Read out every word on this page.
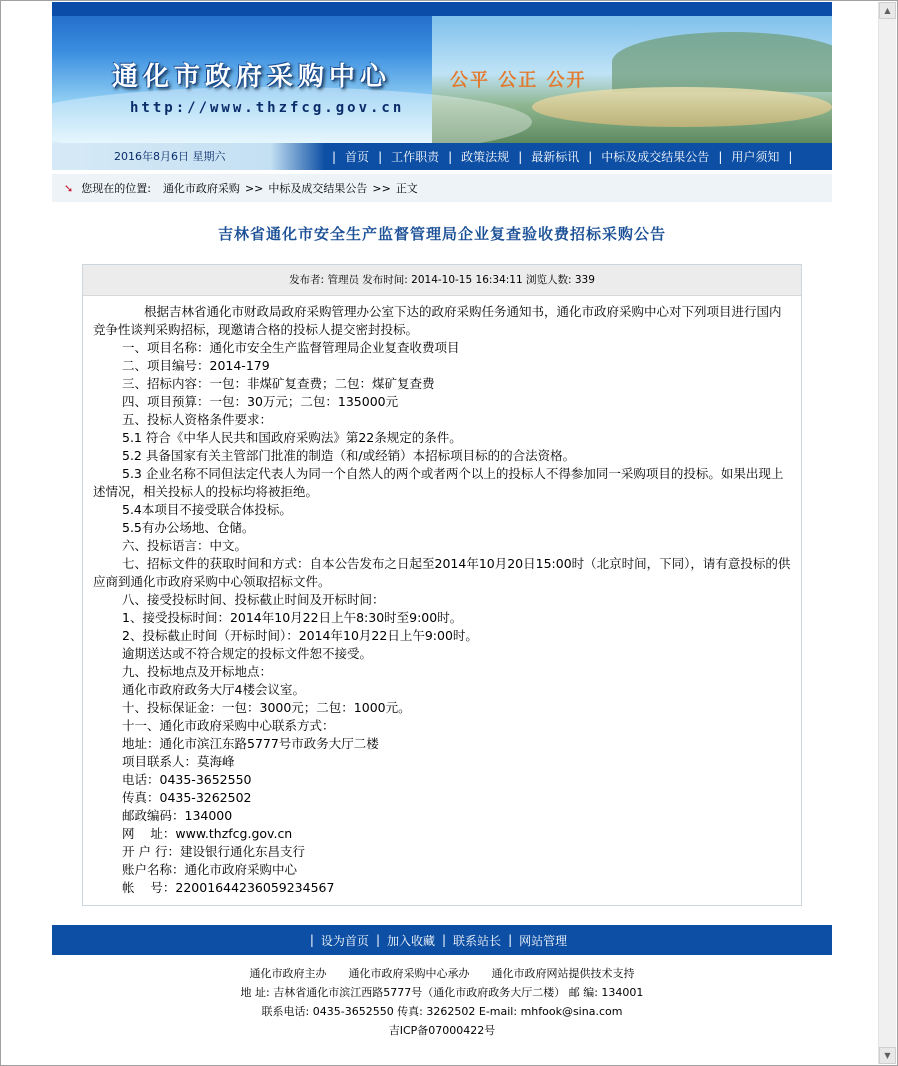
▲
▼
通化市政府采购中心
http://www.thzfcg.gov.cn
公平 公正 公开
2016年8月6日 星期六	| 首页 | 工作职责 | 政策法规 | 最新标讯 | 中标及成交结果公告 | 用户须知 |
➘ 您现在的位置: 通化市政府采购 >> 中标及成交结果公告 >> 正文
吉林省通化市安全生产监督管理局企业复查验收费招标采购公告
发布者: 管理员 发布时间: 2014-10-15 16:34:11 浏览人数: 339

根据吉林省通化市财政局政府采购管理办公室下达的政府采购任务通知书，通化市政府采购中心对下列项目进行国内竞争性谈判采购招标，现邀请合格的投标人提交密封投标。

一、项目名称：通化市安全生产监督管理局企业复查收费项目

二、项目编号：2014-179

三、招标内容：一包：非煤矿复查费；二包：煤矿复查费

四、项目预算：一包：30万元；二包：135000元

五、投标人资格条件要求：

5.1 符合《中华人民共和国政府采购法》第22条规定的条件。

5.2 具备国家有关主管部门批准的制造（和/或经销）本招标项目标的的合法资格。

5.3 企业名称不同但法定代表人为同一个自然人的两个或者两个以上的投标人不得参加同一采购项目的投标。如果出现上述情况，相关投标人的投标均将被拒绝。

5.4本项目不接受联合体投标。

5.5有办公场地、仓储。

六、投标语言：中文。

七、招标文件的获取时间和方式：自本公告发布之日起至2014年10月20日15:00时（北京时间，下同），请有意投标的供应商到通化市政府采购中心领取招标文件。

八、接受投标时间、投标截止时间及开标时间：

1、接受投标时间：2014年10月22日上午8:30时至9:00时。

2、投标截止时间（开标时间）：2014年10月22日上午9:00时。

逾期送达或不符合规定的投标文件恕不接受。

九、投标地点及开标地点：

通化市政府政务大厅4楼会议室。

十、投标保证金：一包：3000元；二包：1000元。

十一、通化市政府采购中心联系方式：

地址：通化市滨江东路5777号市政务大厅二楼

项目联系人：莫海峰

电话：0435-3652550

传真：0435-3262502

邮政编码：134000

网    址：www.thzfcg.gov.cn

开 户 行：建设银行通化东昌支行

账户名称：通化市政府采购中心

帐    号：22001644236059234567

| 设为首页 | 加入收藏 | 联系站长 | 网站管理
通化市政府主办 通化市政府采购中心承办 通化市政府网站提供技术支持
地 址: 吉林省通化市滨江西路5777号（通化市政府政务大厅二楼） 邮 编: 134001
联系电话: 0435-3652550 传真: 3262502 E-mail: mhfook@sina.com
吉ICP备07000422号
